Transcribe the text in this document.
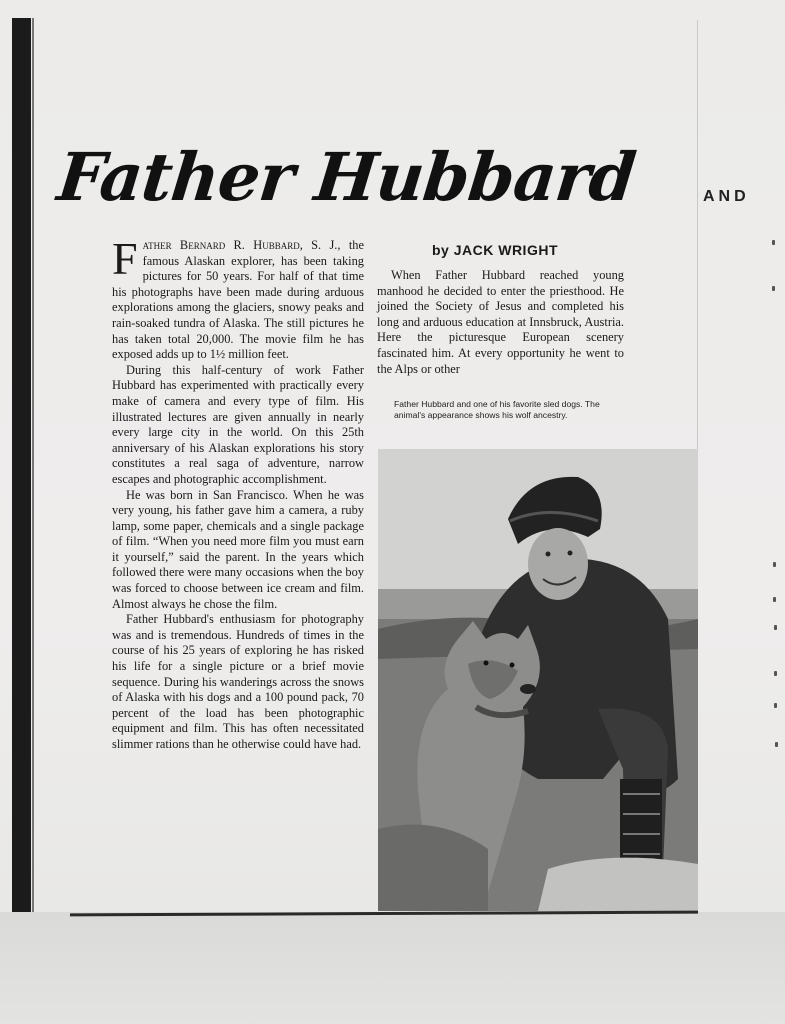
Father Hubbard	AND

Father Bernard R. Hubbard, S. J., the famous Alaskan explorer, has been taking pictures for 50 years. For half of that time his photographs have been made during arduous explorations among the glaciers, snowy peaks and rain-soaked tundra of Alaska. The still pictures he has taken total 20,000. The movie film he has exposed adds up to 1½ million feet.

During this half-century of work Father Hubbard has experimented with practically every make of camera and every type of film. His illustrated lectures are given annually in nearly every large city in the world. On this 25th anniversary of his Alaskan explorations his story constitutes a real saga of adventure, narrow escapes and photographic accomplishment.

He was born in San Francisco. When he was very young, his father gave him a camera, a ruby lamp, some paper, chemicals and a single package of film. “When you need more film you must earn it yourself,” said the parent. In the years which followed there were many occasions when the boy was forced to choose between ice cream and film. Almost always he chose the film.

Father Hubbard's enthusiasm for photography was and is tremendous. Hundreds of times in the course of his 25 years of exploring he has risked his life for a single picture or a brief movie sequence. During his wanderings across the snows of Alaska with his dogs and a 100 pound pack, 70 percent of the load has been photographic equipment and film. This has often necessitated slimmer rations than he otherwise could have had.

by JACK WRIGHT

When Father Hubbard reached young manhood he decided to enter the priesthood. He joined the Society of Jesus and completed his long and arduous education at Innsbruck, Austria. Here the picturesque European scenery fascinated him. At every opportunity he went to the Alps or other

Father Hubbard and one of his favorite sled dogs. The animal's appearance shows his wolf ancestry.
